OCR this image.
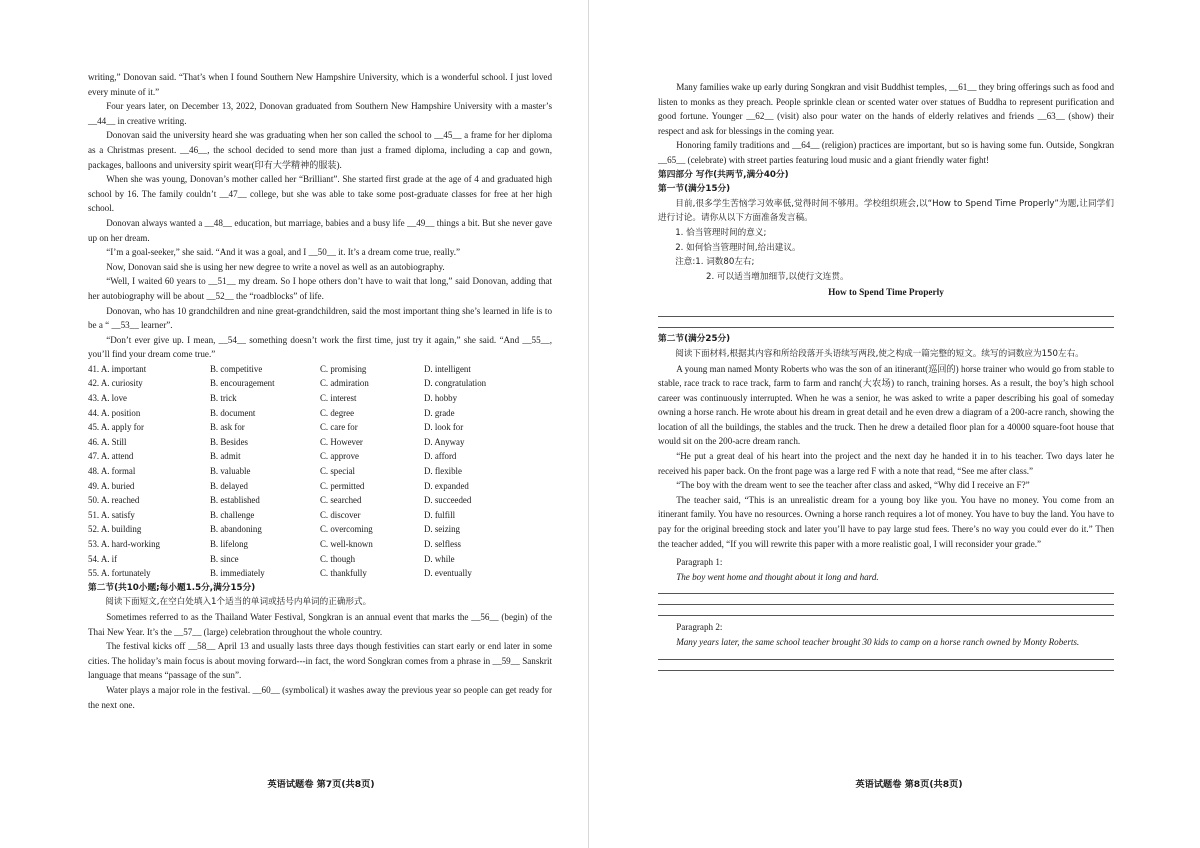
writing,” Donovan said. “That’s when I found Southern New Hampshire University, which is a wonderful school. I just loved every minute of it.”

Four years later, on December 13, 2022, Donovan graduated from Southern New Hampshire University with a master’s __44__ in creative writing.

Donovan said the university heard she was graduating when her son called the school to __45__ a frame for her diploma as a Christmas present. __46__, the school decided to send more than just a framed diploma, including a cap and gown, packages, balloons and university spirit wear(印有大学精神的服装).

When she was young, Donovan’s mother called her “Brilliant”. She started first grade at the age of 4 and graduated high school by 16. The family couldn’t __47__ college, but she was able to take some post-graduate classes for free at her high school.

Donovan always wanted a __48__ education, but marriage, babies and a busy life __49__ things a bit. But she never gave up on her dream.

“I’m a goal-seeker,” she said. “And it was a goal, and I __50__ it. It’s a dream come true, really.”

Now, Donovan said she is using her new degree to write a novel as well as an autobiography.

“Well, I waited 60 years to __51__ my dream. So I hope others don’t have to wait that long,” said Donovan, adding that her autobiography will be about __52__ the “roadblocks” of life.

Donovan, who has 10 grandchildren and nine great-grandchildren, said the most important thing she’s learned in life is to be a “ __53__ learner”.

“Don’t ever give up. I mean, __54__ something doesn’t work the first time, just try it again,” she said. “And __55__, you’ll find your dream come true.”

41. A. important	B. competitive	C. promising	D. intelligent
42. A. curiosity	B. encouragement	C. admiration	D. congratulation
43. A. love	B. trick	C. interest	D. hobby
44. A. position	B. document	C. degree	D. grade
45. A. apply for	B. ask for	C. care for	D. look for
46. A. Still	B. Besides	C. However	D. Anyway
47. A. attend	B. admit	C. approve	D. afford
48. A. formal	B. valuable	C. special	D. flexible
49. A. buried	B. delayed	C. permitted	D. expanded
50. A. reached	B. established	C. searched	D. succeeded
51. A. satisfy	B. challenge	C. discover	D. fulfill
52. A. building	B. abandoning	C. overcoming	D. seizing
53. A. hard-working	B. lifelong	C. well-known	D. selfless
54. A. if	B. since	C. though	D. while
55. A. fortunately	B. immediately	C. thankfully	D. eventually
第二节(共10小题;每小题1.5分,满分15分)

阅读下面短文,在空白处填入1个适当的单词或括号内单词的正确形式。

Sometimes referred to as the Thailand Water Festival, Songkran is an annual event that marks the __56__ (begin) of the Thai New Year. It’s the __57__ (large) celebration throughout the whole country.

The festival kicks off __58__ April 13 and usually lasts three days though festivities can start early or end later in some cities. The holiday’s main focus is about moving forward---in fact, the word Songkran comes from a phrase in __59__ Sanskrit language that means “passage of the sun”.

Water plays a major role in the festival. __60__ (symbolical) it washes away the previous year so people can get ready for the next one.

英语试题卷 第7页(共8页)

Many families wake up early during Songkran and visit Buddhist temples, __61__ they bring offerings such as food and listen to monks as they preach. People sprinkle clean or scented water over statues of Buddha to represent purification and good fortune. Younger __62__ (visit) also pour water on the hands of elderly relatives and friends __63__ (show) their respect and ask for blessings in the coming year.

Honoring family traditions and __64__ (religion) practices are important, but so is having some fun. Outside, Songkran __65__ (celebrate) with street parties featuring loud music and a giant friendly water fight!

第四部分 写作(共两节,满分40分)
第一节(满分15分)

目前,很多学生苦恼学习效率低,觉得时间不够用。学校组织班会,以“How to Spend Time Properly”为题,让同学们进行讨论。请你从以下方面准备发言稿。

1. 恰当管理时间的意义;

2. 如何恰当管理时间,给出建议。

注意:1. 词数80左右;

2. 可以适当增加细节,以使行文连贯。

How to Spend Time Properly
第二节(满分25分)

阅读下面材料,根据其内容和所给段落开头语续写两段,使之构成一篇完整的短文。续写的词数应为150左右。

A young man named Monty Roberts who was the son of an itinerant(巡回的) horse trainer who would go from stable to stable, race track to race track, farm to farm and ranch(大农场) to ranch, training horses. As a result, the boy’s high school career was continuously interrupted. When he was a senior, he was asked to write a paper describing his goal of someday owning a horse ranch. He wrote about his dream in great detail and he even drew a diagram of a 200-acre ranch, showing the location of all the buildings, the stables and the truck. Then he drew a detailed floor plan for a 40000 square-foot house that would sit on the 200-acre dream ranch.

“He put a great deal of his heart into the project and the next day he handed it in to his teacher. Two days later he received his paper back. On the front page was a large red F with a note that read, “See me after class.”

“The boy with the dream went to see the teacher after class and asked, “Why did I receive an F?”

The teacher said, “This is an unrealistic dream for a young boy like you. You have no money. You come from an itinerant family. You have no resources. Owning a horse ranch requires a lot of money. You have to buy the land. You have to pay for the original breeding stock and later you’ll have to pay large stud fees. There’s no way you could ever do it.” Then the teacher added, “If you will rewrite this paper with a more realistic goal, I will reconsider your grade.”

Paragraph 1:

The boy went home and thought about it long and hard.

Paragraph 2:

Many years later, the same school teacher brought 30 kids to camp on a horse ranch owned by Monty Roberts.

英语试题卷 第8页(共8页)
